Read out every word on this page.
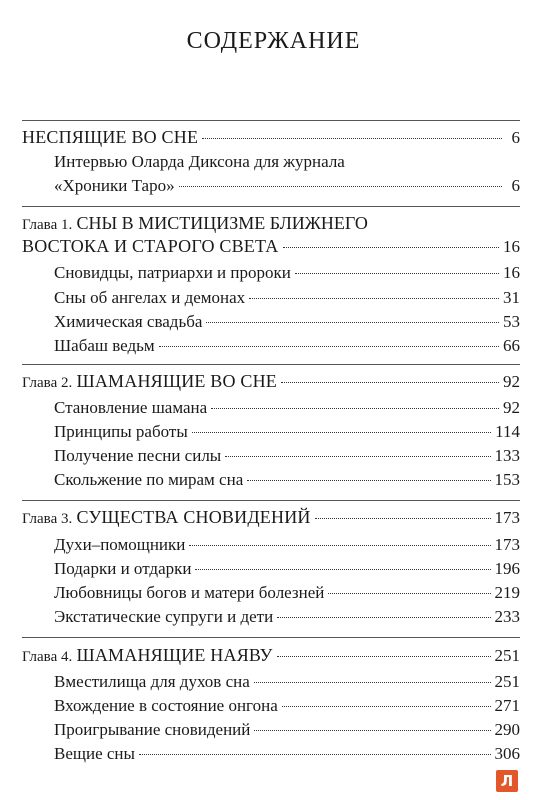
СОДЕРЖАНИЕ
НЕСПЯЩИЕ ВО СНЕ	6
Интервью Оларда Диксона для журнала
«Хроники Таро»	6
Глава 1. СНЫ В МИСТИЦИЗМЕ БЛИЖНЕГО
ВОСТОКА И СТАРОГО СВЕТА	16
Сновидцы, патриархи и пророки	16
Сны об ангелах и демонах	31
Химическая свадьба	53
Шабаш ведьм	66
Глава 2. ШАМАНЯЩИЕ ВО СНЕ	92
Становление шамана	92
Принципы работы	114
Получение песни силы	133
Скольжение по мирам сна	153
Глава 3. СУЩЕСТВА СНОВИДЕНИЙ	173
Духи–помощники	173
Подарки и отдарки	196
Любовницы богов и матери болезней	219
Экстатические супруги и дети	233
Глава 4. ШАМАНЯЩИЕ НАЯВУ	251
Вместилища для духов сна	251
Вхождение в состояние онгона	271
Проигрывание сновидений	290
Вещие сны	306
Л
